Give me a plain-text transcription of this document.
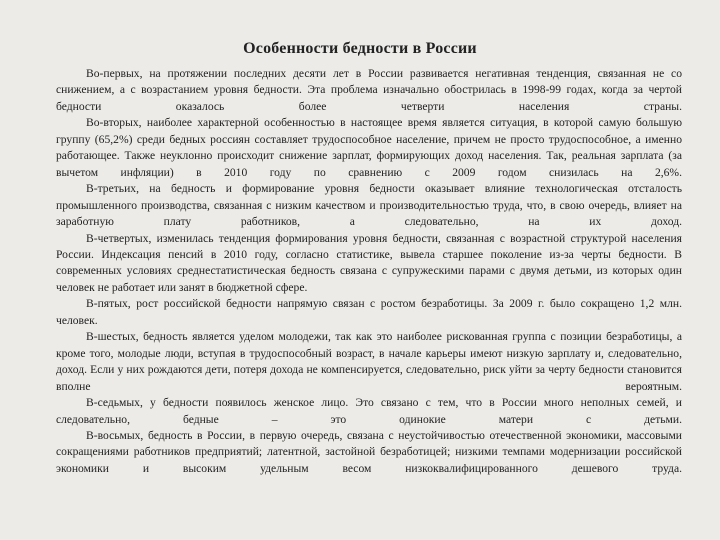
Особенности бедности в России

Во-первых, на протяжении последних десяти лет в России развивается негативная тенденция, связанная не со снижением, а с возрастанием уровня бедности. Эта проблема изначально обострилась в 1998-99 годах, когда за чертой бедности оказалось более четверти населения страны.

Во-вторых, наиболее характерной особенностью в настоящее время является ситуация, в которой самую большую группу (65,2%) среди бедных россиян составляет трудоспособное население, причем не просто трудоспособное, а именно работающее. Также неуклонно происходит снижение зарплат, формирующих доход населения. Так, реальная зарплата (за вычетом инфляции) в 2010 году по сравнению с 2009 годом снизилась на 2,6%.

В-третьих, на бедность и формирование уровня бедности оказывает влияние технологическая отсталость промышленного производства, связанная с низким качеством и производительностью труда, что, в свою очередь, влияет на заработную плату работников, а следовательно, на их доход.

В-четвертых, изменилась тенденция формирования уровня бедности, связанная с возрастной структурой населения России. Индексация пенсий в 2010 году, согласно статистике, вывела старшее поколение из-за черты бедности. В современных условиях среднестатистическая бедность связана с супружескими парами с двумя детьми, из которых один человек не работает или занят в бюджетной сфере.

В-пятых, рост российской бедности напрямую связан с ростом безработицы. За 2009 г. было сокращено 1,2 млн. человек.

В-шестых, бедность является уделом молодежи, так как это наиболее рискованная группа с позиции безработицы, а кроме того, молодые люди, вступая в трудоспособный возраст, в начале карьеры имеют низкую зарплату и, следовательно, доход. Если у них рождаются дети, потеря дохода не компенсируется, следовательно, риск уйти за черту бедности становится вполне вероятным.

В-седьмых, у бедности появилось женское лицо. Это связано с тем, что в России много неполных семей, и следовательно, бедные – это одинокие матери с детьми.

В-восьмых, бедность в России, в первую очередь, связана с неустойчивостью отечественной экономики, массовыми сокращениями работников предприятий; латентной, застойной безработицей; низкими темпами модернизации российской экономики и высоким удельным весом низкоквалифицированного дешевого труда.
